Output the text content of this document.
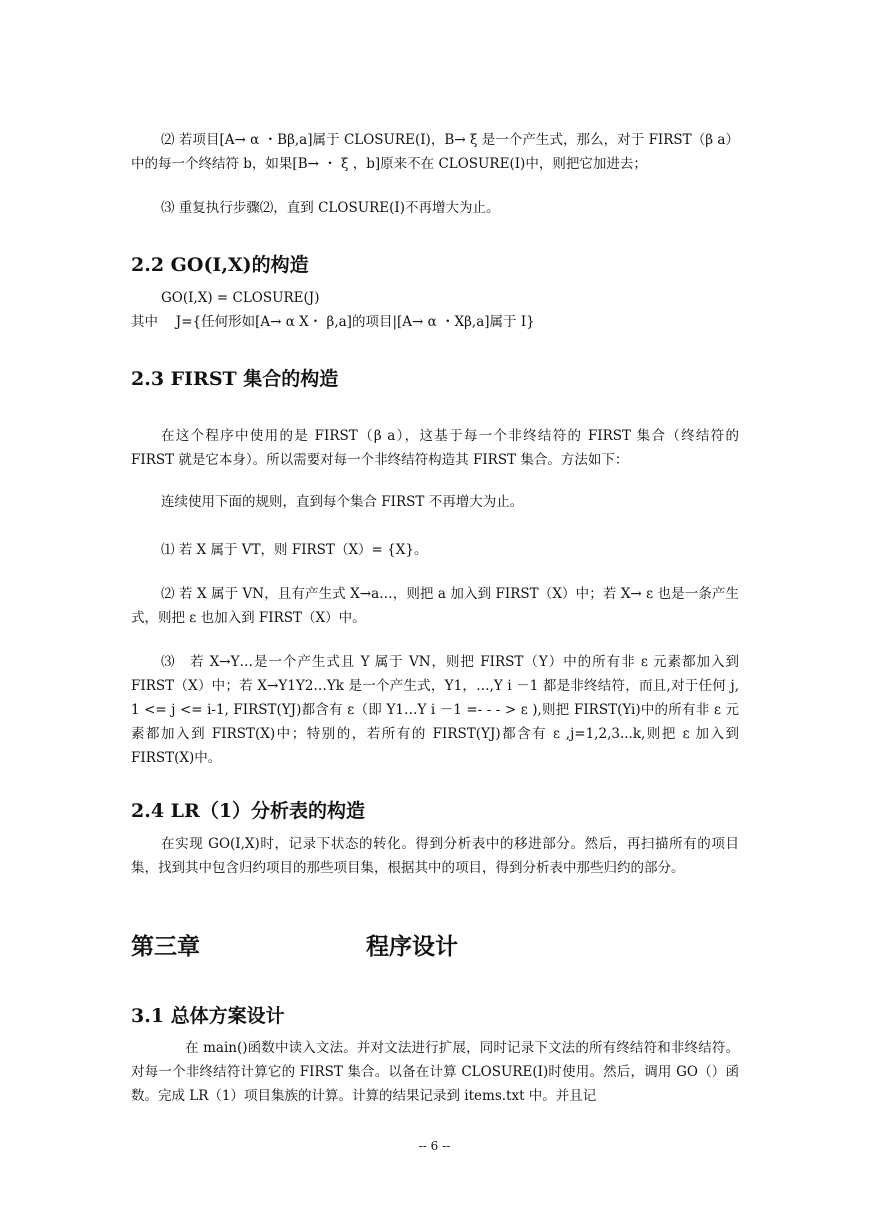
⑵ 若项目[A→ α ・Bβ,a]属于 CLOSURE(I)，B→ ξ 是一个产生式，那么，对于 FIRST（β a）中的每一个终结符 b，如果[B→ ・ ξ ，b]原来不在 CLOSURE(I)中，则把它加进去；
⑶ 重复执行步骤⑵，直到 CLOSURE(I)不再增大为止。
2.2 GO(I,X)的构造
GO(I,X) = CLOSURE(J)
其中　 J={任何形如[A→ α X・ β,a]的项目|[A→ α ・Xβ,a]属于 I}
2.3 FIRST 集合的构造
在这个程序中使用的是 FIRST（β a），这基于每一个非终结符的 FIRST 集合（终结符的 FIRST 就是它本身）。所以需要对每一个非终结符构造其 FIRST 集合。方法如下：
连续使用下面的规则，直到每个集合 FIRST 不再增大为止。
⑴ 若 X 属于 VT，则 FIRST（X）= {X}。
⑵ 若 X 属于 VN，且有产生式 X→a…，则把 a 加入到 FIRST（X）中；若 X→ ε 也是一条产生式，则把 ε 也加入到 FIRST（X）中。
⑶　若 X→Y…是一个产生式且 Y 属于 VN，则把 FIRST（Y）中的所有非 ε 元素都加入到 FIRST（X）中；若 X→Y1Y2…Yk 是一个产生式，Y1，…,Y i －1 都是非终结符，而且,对于任何 j, 1 <= j <= i-1, FIRST(YJ)都含有 ε（即 Y1…Y i －1 =- - - > ε ),则把 FIRST(Yi)中的所有非 ε 元素都加入到 FIRST(X)中；特别的，若所有的 FIRST(YJ)都含有 ε ,j=1,2,3...k,则把 ε 加入到 FIRST(X)中。
2.4 LR（1）分析表的构造
在实现 GO(I,X)时，记录下状态的转化。得到分析表中的移进部分。然后，再扫描所有的项目集，找到其中包含归约项目的那些项目集，根据其中的项目，得到分析表中那些归约的部分。
第三章	程序设计
3.1 总体方案设计
在 main()函数中读入文法。并对文法进行扩展，同时记录下文法的所有终结符和非终结符。对每一个非终结符计算它的 FIRST 集合。以备在计算 CLOSURE(I)时使用。然后，调用 GO（）函数。完成 LR（1）项目集族的计算。计算的结果记录到 items.txt 中。并且记
-- 6 --
